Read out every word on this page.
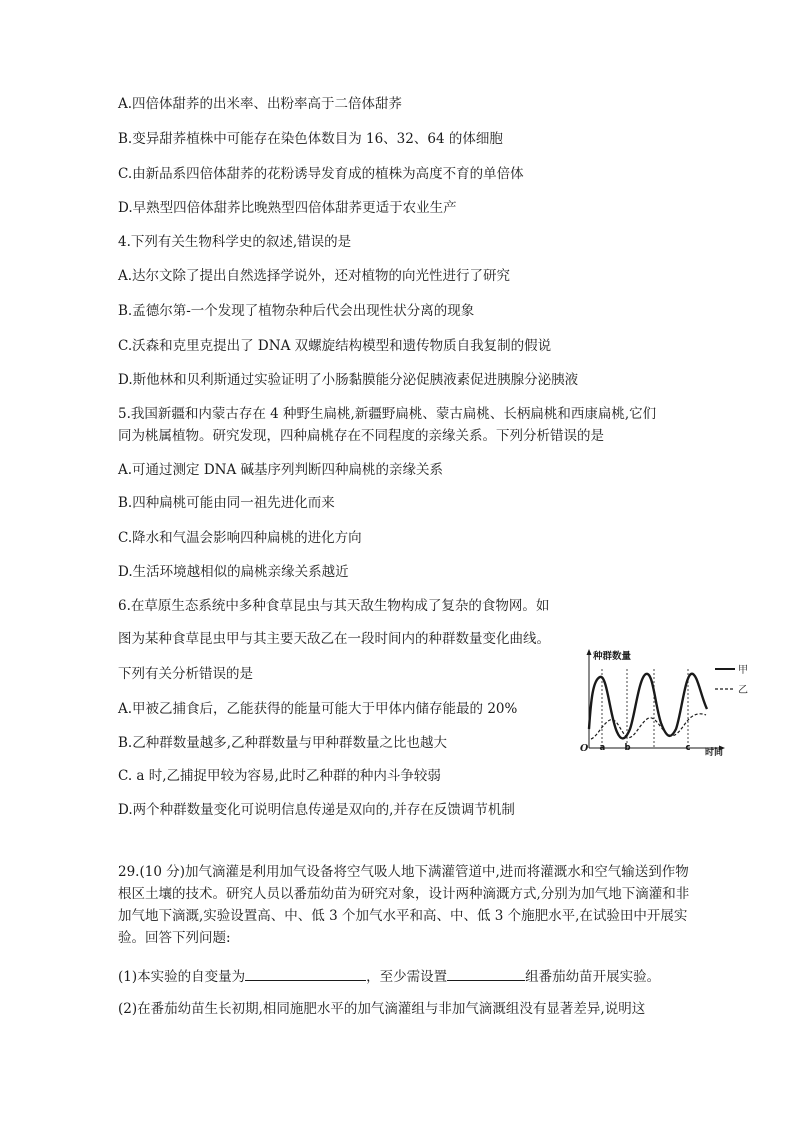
A.四倍体甜荞的出米率、出粉率高于二倍体甜荞
B.变异甜荞植株中可能存在染色体数目为 16、32、64 的体细胞
C.由新品系四倍体甜荞的花粉诱导发育成的植株为高度不育的单倍体
D.早熟型四倍体甜荞比晚熟型四倍体甜荞更适于农业生产
4.下列有关生物科学史的叙述,错误的是
A.达尔文除了提出自然选择学说外，还对植物的向光性进行了研究
B.孟德尔第-一个发现了植物杂种后代会出现性状分离的现象
C.沃森和克里克提出了 DNA 双螺旋结构模型和遗传物质自我复制的假说
D.斯他林和贝利斯通过实验证明了小肠黏膜能分泌促胰液素促进胰腺分泌胰液
5.我国新疆和内蒙古存在 4 种野生扁桃,新疆野扁桃、蒙古扁桃、长柄扁桃和西康扁桃,它们
同为桃属植物。研究发现，四种扁桃存在不同程度的亲缘关系。下列分析错误的是
A.可通过测定 DNA 碱基序列判断四种扁桃的亲缘关系
B.四种扁桃可能由同一祖先进化而来
C.降水和气温会影响四种扁桃的进化方向
D.生活环境越相似的扁桃亲缘关系越近
6.在草原生态系统中多种食草昆虫与其天敌生物构成了复杂的食物网。如
图为某种食草昆虫甲与其主要天敌乙在一段时间内的种群数量变化曲线。
下列有关分析错误的是
A.甲被乙捕食后，乙能获得的能量可能大于甲体内储存能最的 20%
B.乙种群数量越多,乙种群数量与甲种群数量之比也越大
C. a 时,乙捕捉甲较为容易,此时乙种群的种内斗争较弱
D.两个种群数量变化可说明信息传递是双向的,并存在反馈调节机制
种群数量
甲
乙
O a b	c 时间
29.(10 分)加气滴灌是利用加气设备将空气吸人地下满灌管道中,进而将灌溉水和空气输送到作物根区土壤的技术。研究人员以番茄幼苗为研究对象，设计两种滴溉方式,分别为加气地下滴灌和非加气地下滴溉,实验设置高、中、低 3 个加气水平和高、中、低 3 个施肥水平,在试验田中开展实验。回答下列问题:
(1)本实验的自变量为	，至少需设置	组番茄幼苗开展实验。
(2)在番茄幼苗生长初期,相同施肥水平的加气滴灌组与非加气滴溉组没有显著差异,说明这
